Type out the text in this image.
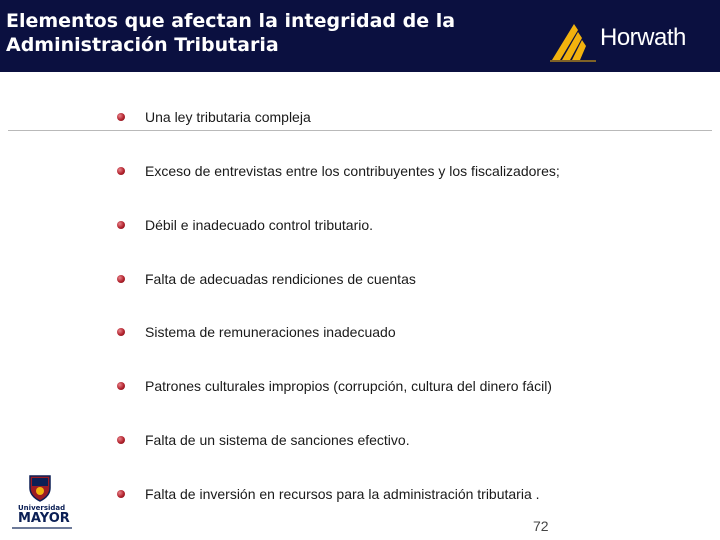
Elementos que afectan la integridad de la
Administración Tributaria	Horwath
Una ley tributaria compleja
Exceso de entrevistas entre los contribuyentes y los fiscalizadores;
Débil e inadecuado control tributario.
Falta de adecuadas rendiciones de cuentas
Sistema de remuneraciones inadecuado
Patrones culturales impropios (corrupción, cultura del dinero fácil)
Falta de un sistema de sanciones efectivo.
Falta de inversión en recursos para la administración tributaria .
Universidad
MAYOR	72
